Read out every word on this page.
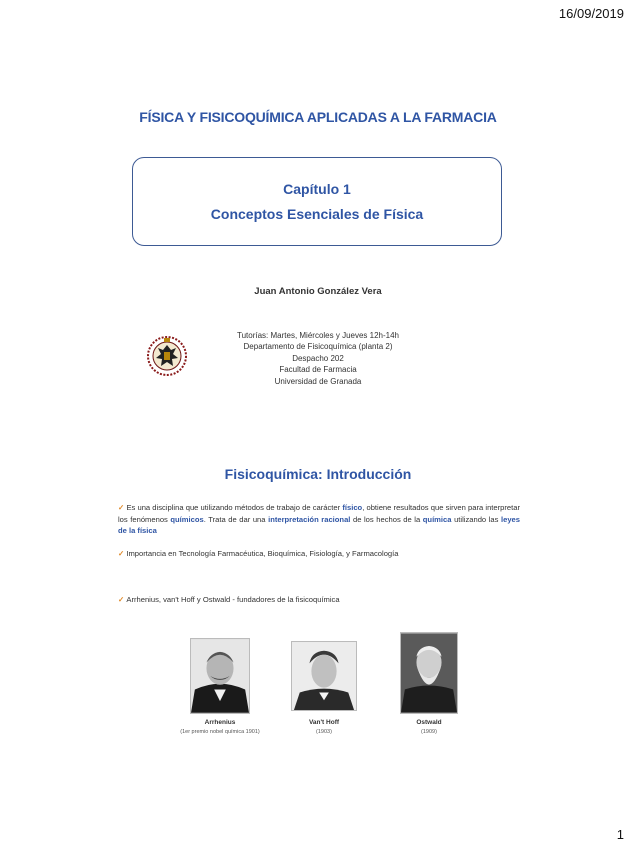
16/09/2019
FÍSICA Y FISICOQUÍMICA APLICADAS A LA FARMACIA
Capítulo 1
Conceptos Esenciales de Física
Juan Antonio González Vera
Tutorías: Martes, Miércoles y Jueves 12h-14h
Departamento de Fisicoquímica (planta 2)
Despacho 202
Facultad de Farmacia
Universidad de Granada
Fisicoquímica: Introducción
✓ Es una disciplina que utilizando métodos de trabajo de carácter físico, obtiene resultados que sirven para interpretar los fenómenos químicos. Trata de dar una interpretación racional de los hechos de la química utilizando las leyes de la física
✓ Importancia en Tecnología Farmacéutica, Bioquímica, Fisiología, y Farmacología
✓ Arrhenius, van't Hoff y Ostwald - fundadores de la fisicoquímica
Arrhenius
(1er premio nobel química 1901)
Van't Hoff
(1903)
Ostwald
(1909)
1
